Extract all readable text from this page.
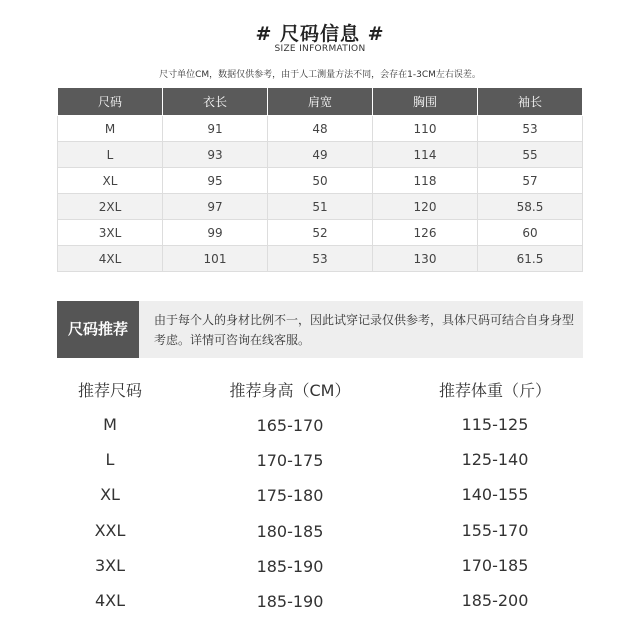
# 尺码信息 #
SIZE INFORMATION
尺寸单位CM，数据仅供参考，由于人工测量方法不同，会存在1-3CM左右误差。
尺码	衣长	肩宽	胸围	袖长
M	91	48	110	53
L	93	49	114	55
XL	95	50	118	57
2XL	97	51	120	58.5
3XL	99	52	126	60
4XL	101	53	130	61.5
尺码推荐	由于每个人的身材比例不一，因此试穿记录仅供参考，具体尺码可结合自身身型考虑。详情可咨询在线客服。
推荐尺码	推荐身高（CM）	推荐体重（斤）
M	165-170	115-125
L	170-175	125-140
XL	175-180	140-155
XXL	180-185	155-170
3XL	185-190	170-185
4XL	185-190	185-200
